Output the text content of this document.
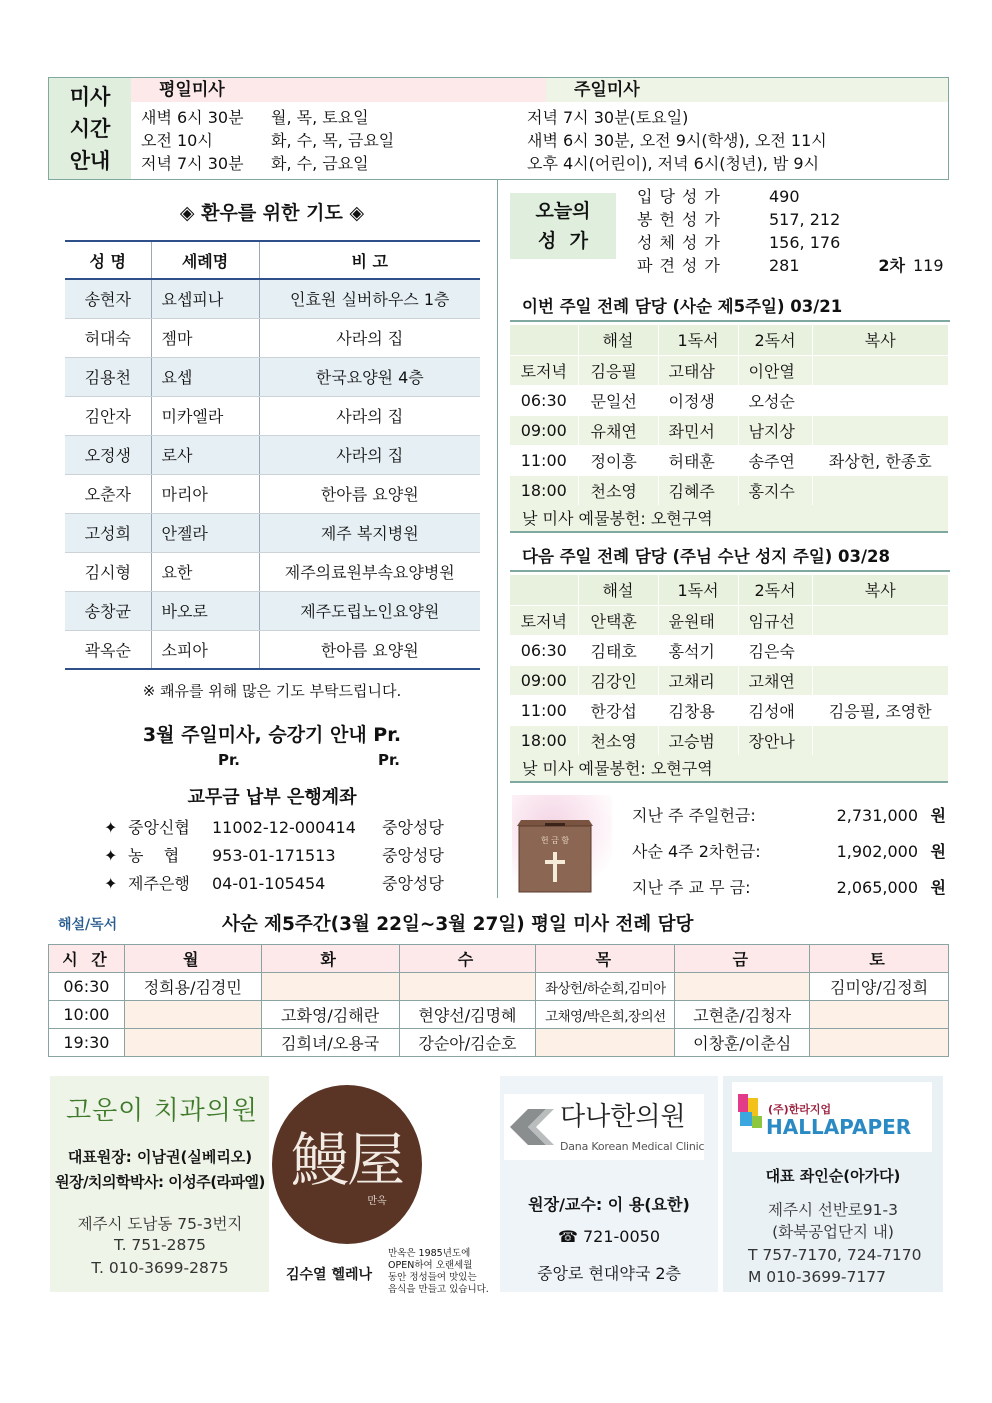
미사
시간
안내
평일미사	주일미사
새벽 6시 30분 월, 목, 토요일
오전 10시	화, 수, 목, 금요일
저녁 7시 30분 화, 수, 금요일
저녁 7시 30분(토요일)
새벽 6시 30분, 오전 9시(학생), 오전 11시
오후 4시(어린이), 저녁 6시(청년), 밤 9시
◈ 환우를 위한 기도 ◈
성 명	세례명	비 고
송현자	요셉피나	인효원 실버하우스 1층
허대숙	젬마	사라의 집
김용천	요셉	한국요양원 4층
김안자	미카엘라	사라의 집
오정생	로사	사라의 집
오춘자	마리아	한아름 요양원
고성희	안젤라	제주 복지병원
김시형	요한	제주의료원부속요양병원
송창균	바오로	제주도립노인요양원
곽옥순	소피아	한아름 요양원
※ 쾌유를 위해 많은 기도 부탁드립니다.
3월 주일미사, 승강기 안내 Pr.
Pr.	Pr.
교무금 납부 은행계좌
✦ 중앙신협 11002-12-000414 중앙성당
✦ 농    협 953-01-171513	중앙성당
✦ 제주은행 04-01-105454	중앙성당
오늘의
성  가
입당성가	490
봉헌성가	517, 212
성체성가	156, 176
파견성가	281	2차 119
이번 주일 전례 담당 (사순 제5주일) 03/21
	해설	1독서	2독서	복사
토저녁	김응필	고태삼	이안열	
06:30	문일선	이정생	오성순	
09:00	유채연	좌민서	남지상	
11:00	정이흥	허태훈	송주연	좌상헌, 한종호
18:00	천소영	김혜주	홍지수	
낮 미사 예물봉헌: 오현구역
다음 주일 전례 담당 (주님 수난 성지 주일) 03/28
	해설	1독서	2독서	복사
토저녁	안택훈	윤원태	임규선	
06:30	김태호	홍석기	김은숙	
09:00	김강인	고채리	고채연	
11:00	한강섭	김창용	김성애	김응필, 조영한
18:00	천소영	고승범	장안나	
낮 미사 예물봉헌: 오현구역
헌 금 함
지난 주 주일헌금:	2,731,000 원
사순 4주 2차헌금:	1,902,000 원
지난 주 교 무 금:	2,065,000 원
해설/독서	사순 제5주간(3월 22일~3월 27일) 평일 미사 전례 담당
시 간	월	화	수	목	금	토
06:30	정희용/김경민			좌상헌/하순희,김미아		김미양/김정희
10:00		고화영/김해란	현양선/김명혜	고채영/박은희,장의선	고현춘/김청자	
19:30		김희녀/오용국	강순아/김순호		이창훈/이춘심	
고운이 치과의원
대표원장: 이남권(실베리오)
원장/치의학박사: 이성주(라파엘)
제주시 도남동 75-3번지
T. 751-2875
T. 010-3699-2875
鰻屋
만옥
김수열 헬레나
만옥은 1985년도에
OPEN하여 오랜세월
동안 정성들여 맛있는
음식을 만들고 있습니다.
다나한의원
Dana Korean Medical Clinic
원장/교수: 이 용(요한)
☎ 721-0050
중앙로 현대약국 2층
(주)한라지업
HALLAPAPER
대표 좌인순(아가다)
제주시 선반로91-3
(화북공업단지 내)
T 757-7170, 724-7170
M 010-3699-7177
